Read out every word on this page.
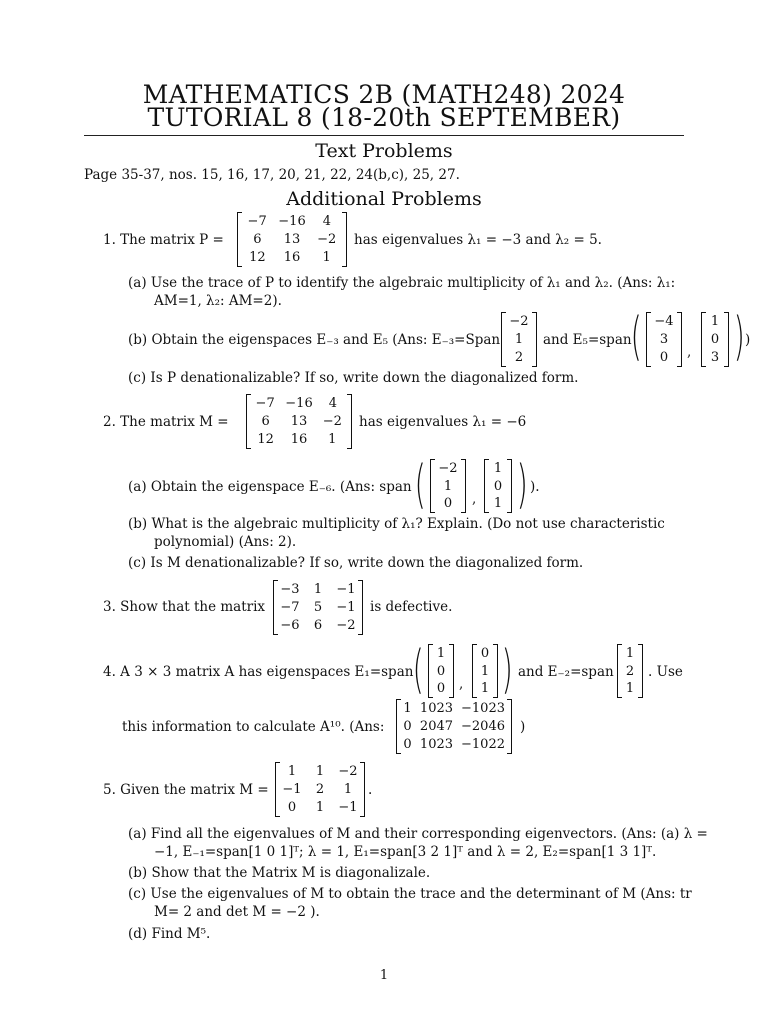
MATHEMATICS 2B (MATH248) 2024
TUTORIAL 8 (18-20th SEPTEMBER)
Text Problems
Page 35-37, nos. 15, 16, 17, 20, 21, 22, 24(b,c), 25, 27.
Additional Problems
1. The matrix P =
−7 −16	4
6	13	−2
12	16	1
has eigenvalues λ₁ = −3 and λ₂ = 5.
(a) Use the trace of P to identify the algebraic multiplicity of λ₁ and λ₂. (Ans: λ₁:
AM=1, λ₂: AM=2).
(b) Obtain the eigenspaces E₋₃ and E₅ (Ans: E₋₃=Span
−2
1
2
and E₅=span
( −4
3
0	,
1
0
3 ) )
(c) Is P denationalizable? If so, write down the diagonalized form.
2. The matrix M =
−7 −16	4
6	13	−2
12	16	1
has eigenvalues λ₁ = −6
(a) Obtain the eigenspace E₋₆. (Ans: span ( −2
1
0	,
1
0
1 ) ).
(b) What is the algebraic multiplicity of λ₁? Explain. (Do not use characteristic
polynomial) (Ans: 2).
(c) Is M denationalizable? If so, write down the diagonalized form.
3. Show that the matrix
−3	1	−1
−7	5	−1
−6	6	−2
is defective.
4. A 3 × 3 matrix A has eigenspaces E₁=span ( 1
0
0 ,
0
1
1 ) and E₋₂=span
1
2
1
. Use
this information to calculate A¹⁰. (Ans:
1 1023 −1023
0 2047 −2046
0 1023 −1022
)
5. Given the matrix M =
1	1	−2
−1	2	1
0	1	−1
.
(a) Find all the eigenvalues of M and their corresponding eigenvectors. (Ans: (a) λ =
−1, E₋₁=span[1 0 1]ᵀ; λ = 1, E₁=span[3 2 1]ᵀ and λ = 2, E₂=span[1 3 1]ᵀ.
(b) Show that the Matrix M is diagonalizale.
(c) Use the eigenvalues of M to obtain the trace and the determinant of M (Ans: tr
M= 2 and det M = −2 ).
(d) Find M⁵.
1
